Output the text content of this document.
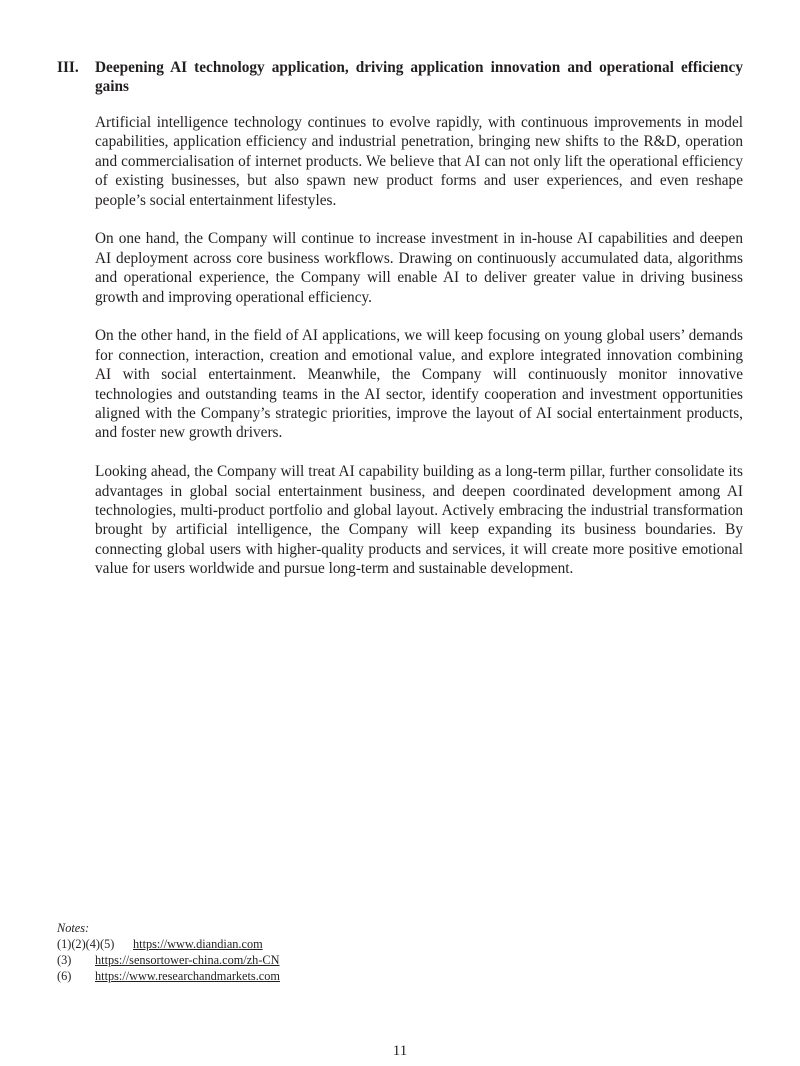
III.	Deepening AI technology application, driving application innovation and operational efficiency gains

Artificial intelligence technology continues to evolve rapidly, with continuous improvements in model capabilities, application efficiency and industrial penetration, bringing new shifts to the R&D, operation and commercialisation of internet products. We believe that AI can not only lift the operational efficiency of existing businesses, but also spawn new product forms and user experiences, and even reshape people’s social entertainment lifestyles.

On one hand, the Company will continue to increase investment in in-house AI capabilities and deepen AI deployment across core business workflows. Drawing on continuously accumulated data, algorithms and operational experience, the Company will enable AI to deliver greater value in driving business growth and improving operational efficiency.

On the other hand, in the field of AI applications, we will keep focusing on young global users’ demands for connection, interaction, creation and emotional value, and explore integrated innovation combining AI with social entertainment. Meanwhile, the Company will continuously monitor innovative technologies and outstanding teams in the AI sector, identify cooperation and investment opportunities aligned with the Company’s strategic priorities, improve the layout of AI social entertainment products, and foster new growth drivers.

Looking ahead, the Company will treat AI capability building as a long-term pillar, further consolidate its advantages in global social entertainment business, and deepen coordinated development among AI technologies, multi-product portfolio and global layout. Actively embracing the industrial transformation brought by artificial intelligence, the Company will keep expanding its business boundaries. By connecting global users with higher-quality products and services, it will create more positive emotional value for users worldwide and pursue long-term and sustainable development.

Notes:
(1)(2)(4)(5)	https://www.diandian.com
(3)	https://sensortower-china.com/zh-CN
(6)	https://www.researchandmarkets.com
11
